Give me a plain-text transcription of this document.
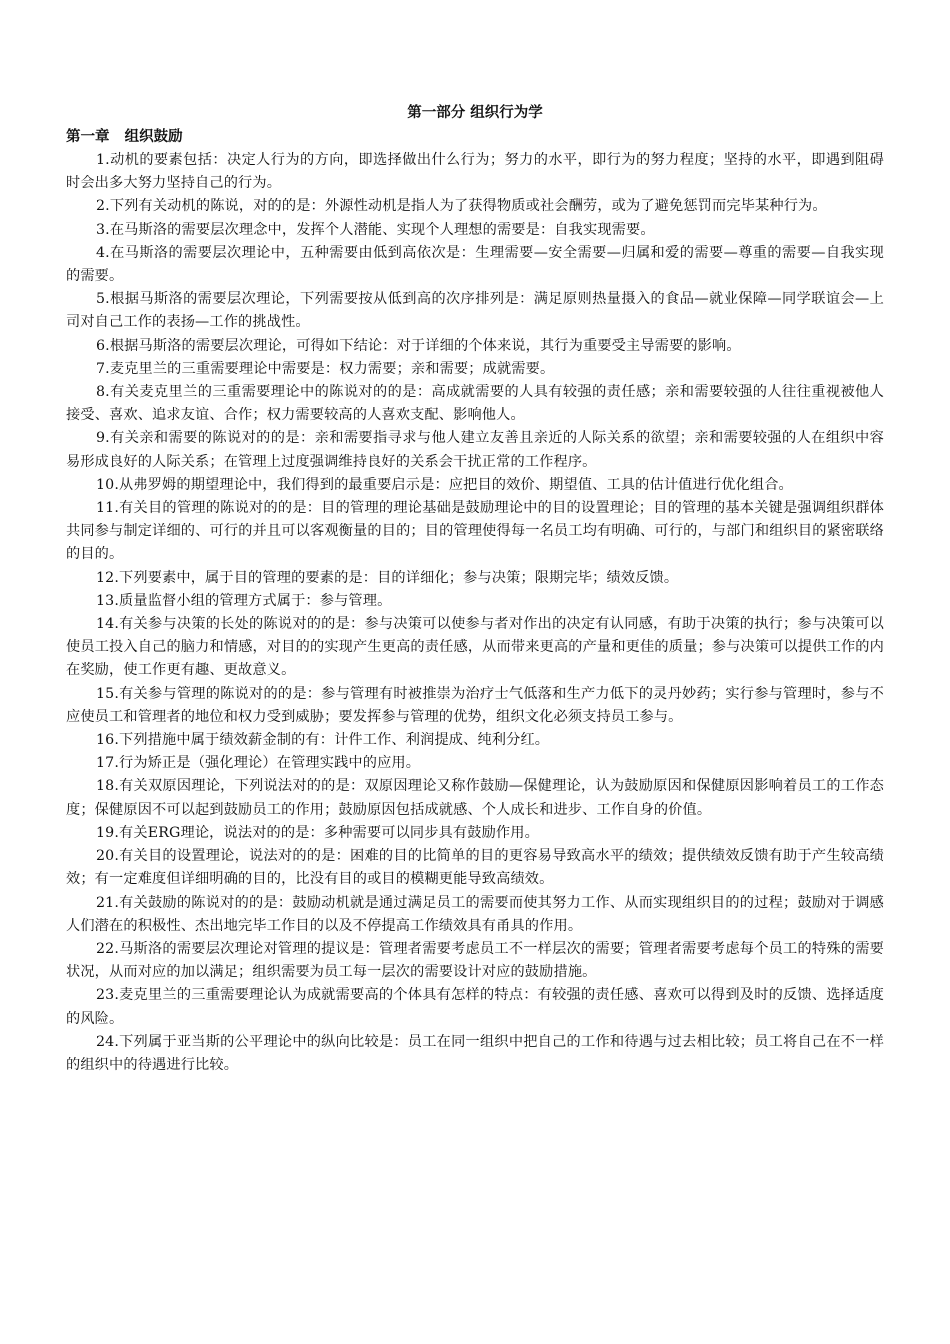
第一部分 组织行为学
第一章   组织鼓励

1.动机的要素包括：决定人行为的方向，即选择做出什么行为；努力的水平，即行为的努力程度；坚持的水平，即遇到阻碍时会出多大努力坚持自己的行为。

2.下列有关动机的陈说，对的的是：外源性动机是指人为了获得物质或社会酬劳，或为了避免惩罚而完毕某种行为。

3.在马斯洛的需要层次理念中，发挥个人潜能、实现个人理想的需要是：自我实现需要。

4.在马斯洛的需要层次理论中，五种需要由低到高依次是：生理需要—安全需要—归属和爱的需要—尊重的需要—自我实现的需要。

5.根据马斯洛的需要层次理论，下列需要按从低到高的次序排列是：满足原则热量摄入的食品—就业保障—同学联谊会—上司对自己工作的表扬—工作的挑战性。

6.根据马斯洛的需要层次理论，可得如下结论：对于详细的个体来说，其行为重要受主导需要的影响。

7.麦克里兰的三重需要理论中需要是：权力需要；亲和需要；成就需要。

8.有关麦克里兰的三重需要理论中的陈说对的的是：高成就需要的人具有较强的责任感；亲和需要较强的人往往重视被他人接受、喜欢、追求友谊、合作；权力需要较高的人喜欢支配、影响他人。

9.有关亲和需要的陈说对的的是：亲和需要指寻求与他人建立友善且亲近的人际关系的欲望；亲和需要较强的人在组织中容易形成良好的人际关系；在管理上过度强调维持良好的关系会干扰正常的工作程序。

10.从弗罗姆的期望理论中，我们得到的最重要启示是：应把目的效价、期望值、工具的估计值进行优化组合。

11.有关目的管理的陈说对的的是：目的管理的理论基础是鼓励理论中的目的设置理论；目的管理的基本关键是强调组织群体共同参与制定详细的、可行的并且可以客观衡量的目的；目的管理使得每一名员工均有明确、可行的，与部门和组织目的紧密联络的目的。

12.下列要素中，属于目的管理的要素的是：目的详细化；参与决策；限期完毕；绩效反馈。

13.质量监督小组的管理方式属于：参与管理。

14.有关参与决策的长处的陈说对的的是：参与决策可以使参与者对作出的决定有认同感，有助于决策的执行；参与决策可以使员工投入自己的脑力和情感，对目的的实现产生更高的责任感，从而带来更高的产量和更佳的质量；参与决策可以提供工作的内在奖励，使工作更有趣、更故意义。

15.有关参与管理的陈说对的的是：参与管理有时被推崇为治疗士气低落和生产力低下的灵丹妙药；实行参与管理时，参与不应使员工和管理者的地位和权力受到威胁；要发挥参与管理的优势，组织文化必须支持员工参与。

16.下列措施中属于绩效薪金制的有：计件工作、利润提成、纯利分红。

17.行为矫正是（强化理论）在管理实践中的应用。

18.有关双原因理论，下列说法对的的是：双原因理论又称作鼓励—保健理论，认为鼓励原因和保健原因影响着员工的工作态度；保健原因不可以起到鼓励员工的作用；鼓励原因包括成就感、个人成长和进步、工作自身的价值。

19.有关ERG理论，说法对的的是：多种需要可以同步具有鼓励作用。

20.有关目的设置理论，说法对的的是：困难的目的比简单的目的更容易导致高水平的绩效；提供绩效反馈有助于产生较高绩效；有一定难度但详细明确的目的，比没有目的或目的模糊更能导致高绩效。

21.有关鼓励的陈说对的的是：鼓励动机就是通过满足员工的需要而使其努力工作、从而实现组织目的的过程；鼓励对于调感人们潜在的积极性、杰出地完毕工作目的以及不停提高工作绩效具有甬具的作用。

22.马斯洛的需要层次理论对管理的提议是：管理者需要考虑员工不一样层次的需要；管理者需要考虑每个员工的特殊的需要状况，从而对应的加以满足；组织需要为员工每一层次的需要设计对应的鼓励措施。

23.麦克里兰的三重需要理论认为成就需要高的个体具有怎样的特点：有较强的责任感、喜欢可以得到及时的反馈、选择适度的风险。

24.下列属于亚当斯的公平理论中的纵向比较是：员工在同一组织中把自己的工作和待遇与过去相比较；员工将自己在不一样的组织中的待遇进行比较。
